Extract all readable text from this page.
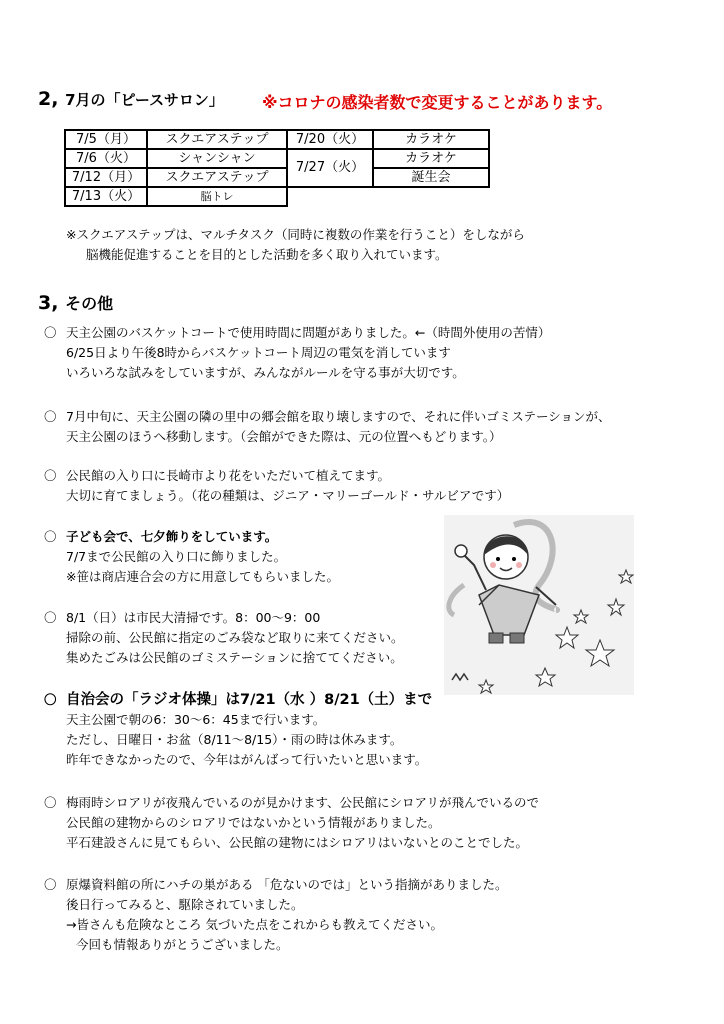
2, 7月の「ピースサロン」 ※コロナの感染者数で変更することがあります。
7/5（月）	スクエアステップ	7/20（火）	カラオケ
7/6（火）	シャンシャン	7/27（火）	カラオケ
7/12（月）	スクエアステップ		誕生会
7/13（火）	脳トレ		
※スクエアステップは、マルチタスク（同時に複数の作業を行うこと）をしながら
脳機能促進することを目的とした活動を多く取り入れています。
3, その他
〇 天主公園のバスケットコートで使用時間に問題がありました。←（時間外使用の苦情）
6/25日より午後8時からバスケットコート周辺の電気を消しています
いろいろな試みをしていますが、みんながルールを守る事が大切です。
〇 7月中旬に、天主公園の隣の里中の郷会館を取り壊しますので、それに伴いゴミステーションが、
天主公園のほうへ移動します。（会館ができた際は、元の位置へもどります。）
〇 公民館の入り口に長崎市より花をいただいて植えてます。
大切に育てましょう。（花の種類は、ジニア・マリーゴールド・サルビアです）
〇 子ども会で、七夕飾りをしています。
7/7まで公民館の入り口に飾りました。
※笹は商店連合会の方に用意してもらいました。
〇 8/1（日）は市民大清掃です。8：00～9：00
掃除の前、公民館に指定のごみ袋など取りに来てください。
集めたごみは公民館のゴミステーションに捨ててください。
〇 自治会の「ラジオ体操」は7/21（水 ）8/21（土）まで
天主公園で朝の6：30～6：45まで行います。
ただし、日曜日・お盆（8/11～8/15）・雨の時は休みます。
昨年できなかったので、今年はがんばって行いたいと思います。
〇 梅雨時シロアリが夜飛んでいるのが見かけます、公民館にシロアリが飛んでいるので
公民館の建物からのシロアリではないかという情報がありました。
平石建設さんに見てもらい、公民館の建物にはシロアリはいないとのことでした。
〇 原爆資料館の所にハチの巣がある 「危ないのでは」という指摘がありました。
後日行ってみると、駆除されていました。
→皆さんも危険なところ 気づいた点をこれからも教えてください。
今回も情報ありがとうございました。
